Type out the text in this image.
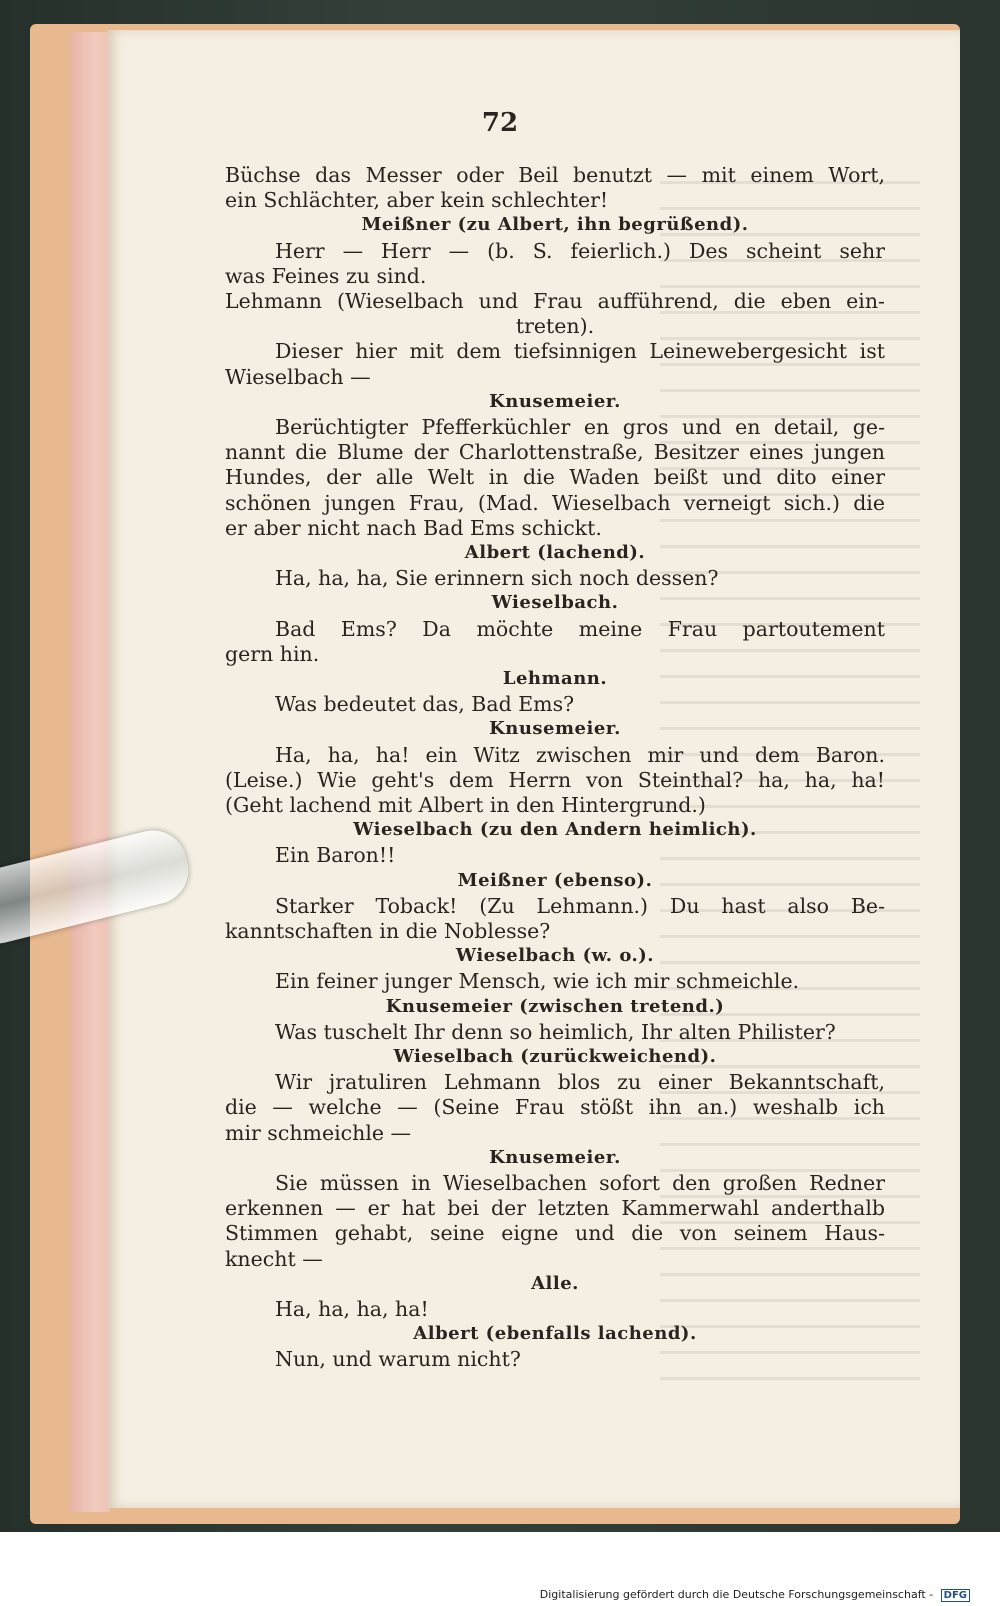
72
Büchse das Messer oder Beil benutzt — mit einem Wort,
ein Schlächter, aber kein schlechter!
Meißner (zu Albert, ihn begrüßend).
Herr — Herr — (b. S. feierlich.) Des scheint sehr
was Feines zu sind.
Lehmann (Wieselbach und Frau aufführend, die eben ein-
treten).
Dieser hier mit dem tiefsinnigen Leinewebergesicht ist
Wieselbach —
Knusemeier.
Berüchtigter Pfefferküchler en gros und en detail, ge-
nannt die Blume der Charlottenstraße, Besitzer eines jungen
Hundes, der alle Welt in die Waden beißt und dito einer
schönen jungen Frau, (Mad. Wieselbach verneigt sich.) die
er aber nicht nach Bad Ems schickt.
Albert (lachend).
Ha, ha, ha, Sie erinnern sich noch dessen?
Wieselbach.
Bad Ems? Da möchte meine Frau partoutement
gern hin.
Lehmann.
Was bedeutet das, Bad Ems?
Knusemeier.
Ha, ha, ha! ein Witz zwischen mir und dem Baron.
(Leise.) Wie geht's dem Herrn von Steinthal? ha, ha, ha!
(Geht lachend mit Albert in den Hintergrund.)
Wieselbach (zu den Andern heimlich).
Ein Baron!!
Meißner (ebenso).
Starker Toback! (Zu Lehmann.) Du hast also Be-
kanntschaften in die Noblesse?
Wieselbach (w. o.).
Ein feiner junger Mensch, wie ich mir schmeichle.
Knusemeier (zwischen tretend.)
Was tuschelt Ihr denn so heimlich, Ihr alten Philister?
Wieselbach (zurückweichend).
Wir jratuliren Lehmann blos zu einer Bekanntschaft,
die — welche — (Seine Frau stößt ihn an.) weshalb ich
mir schmeichle —
Knusemeier.
Sie müssen in Wieselbachen sofort den großen Redner
erkennen — er hat bei der letzten Kammerwahl anderthalb
Stimmen gehabt, seine eigne und die von seinem Haus-
knecht —
Alle.
Ha, ha, ha, ha!
Albert (ebenfalls lachend).
Nun, und warum nicht?
Digitalisierung gefördert durch die Deutsche Forschungsgemeinschaft - DFG
